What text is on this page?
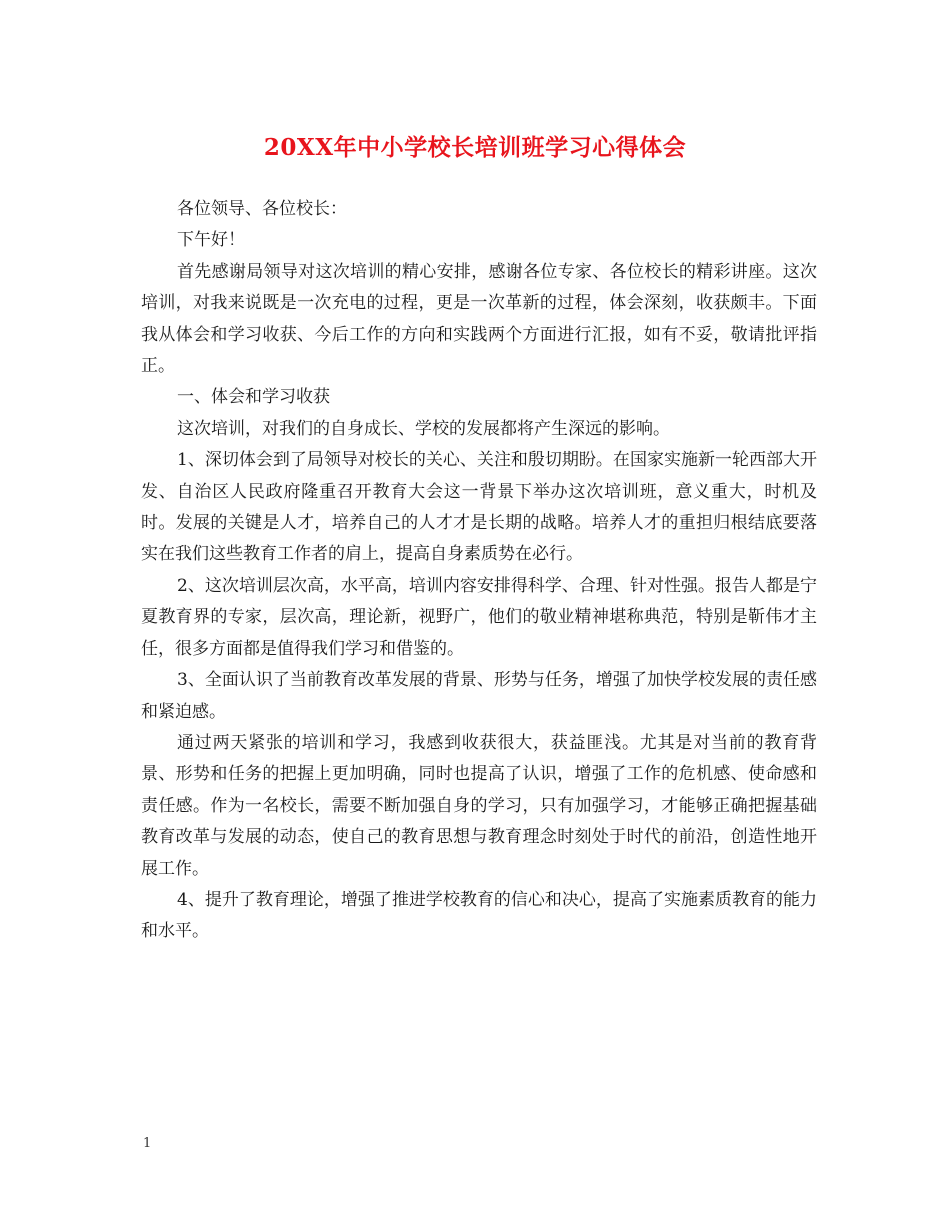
20XX年中小学校长培训班学习心得体会

各位领导、各位校长：

下午好！

首先感谢局领导对这次培训的精心安排，感谢各位专家、各位校长的精彩讲座。这次培训，对我来说既是一次充电的过程，更是一次革新的过程，体会深刻，收获颇丰。下面我从体会和学习收获、今后工作的方向和实践两个方面进行汇报，如有不妥，敬请批评指正。

一、体会和学习收获

这次培训，对我们的自身成长、学校的发展都将产生深远的影响。

1、深切体会到了局领导对校长的关心、关注和殷切期盼。在国家实施新一轮西部大开发、自治区人民政府隆重召开教育大会这一背景下举办这次培训班，意义重大，时机及时。发展的关键是人才，培养自己的人才才是长期的战略。培养人才的重担归根结底要落实在我们这些教育工作者的肩上，提高自身素质势在必行。

2、这次培训层次高，水平高，培训内容安排得科学、合理、针对性强。报告人都是宁夏教育界的专家，层次高，理论新，视野广，他们的敬业精神堪称典范，特别是靳伟才主任，很多方面都是值得我们学习和借鉴的。

3、全面认识了当前教育改革发展的背景、形势与任务，增强了加快学校发展的责任感和紧迫感。

通过两天紧张的培训和学习，我感到收获很大，获益匪浅。尤其是对当前的教育背景、形势和任务的把握上更加明确，同时也提高了认识，增强了工作的危机感、使命感和责任感。作为一名校长，需要不断加强自身的学习，只有加强学习，才能够正确把握基础教育改革与发展的动态，使自己的教育思想与教育理念时刻处于时代的前沿，创造性地开展工作。

4、提升了教育理论，增强了推进学校教育的信心和决心，提高了实施素质教育的能力和水平。

1
